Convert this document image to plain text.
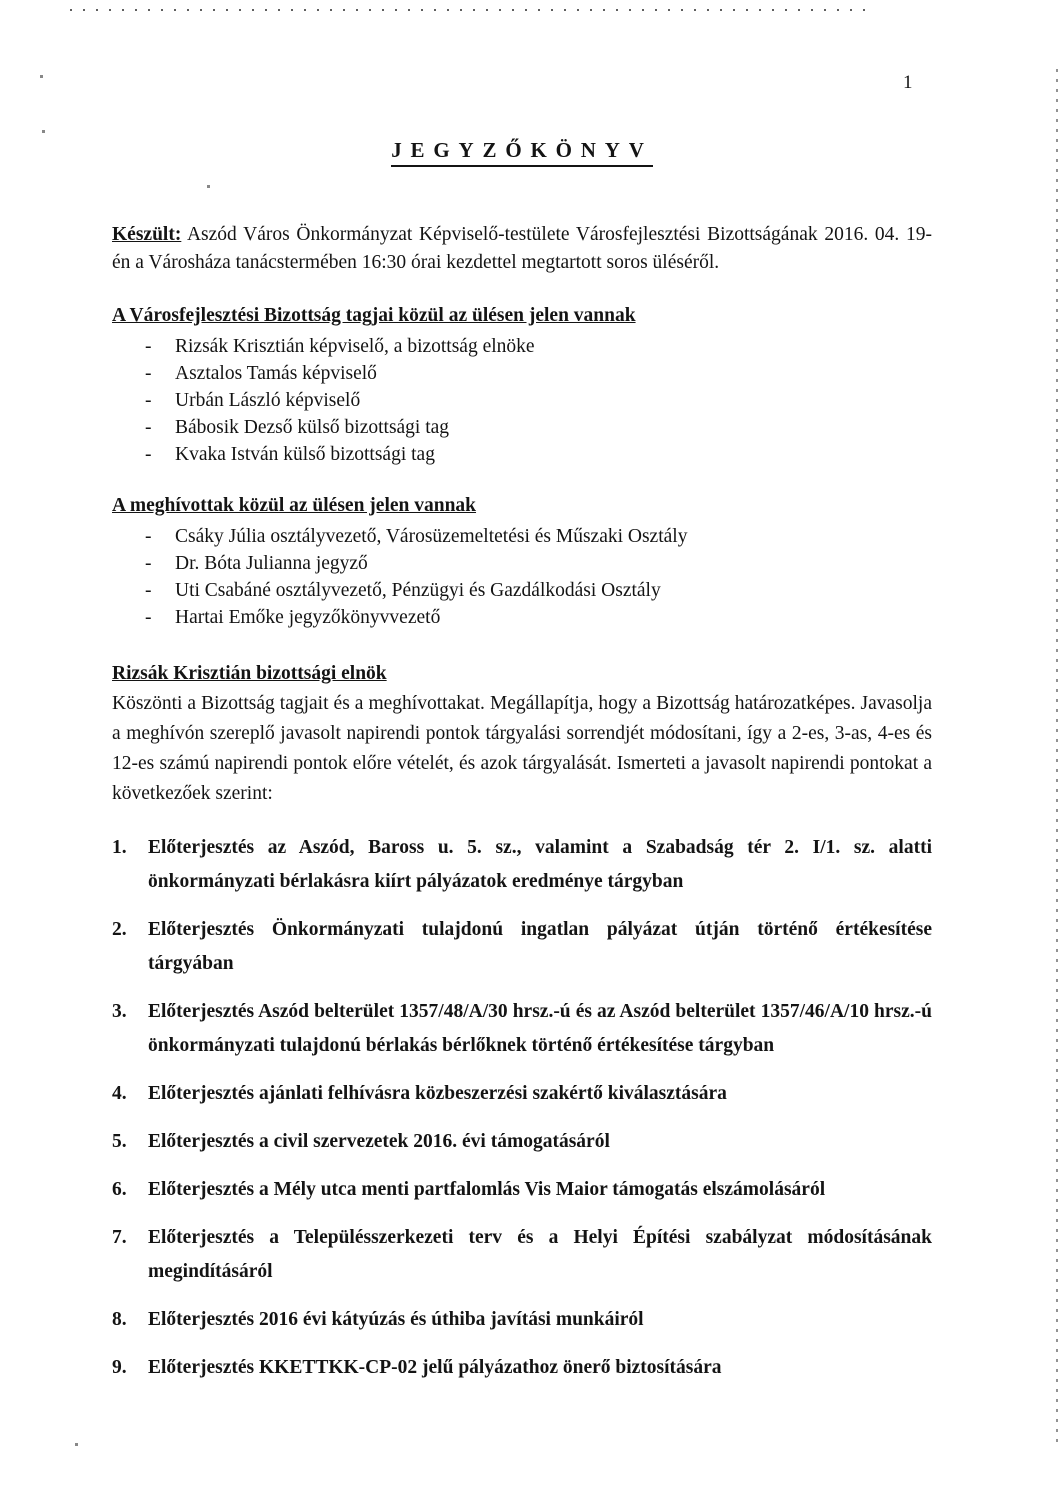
1
JEGYZŐKÖNYV

Készült: Aszód Város Önkormányzat Képviselő-testülete Városfejlesztési Bizottságának 2016. 04. 19-én a Városháza tanácstermében 16:30 órai kezdettel megtartott soros üléséről.

A Városfejlesztési Bizottság tagjai közül az ülésen jelen vannak
- Rizsák Krisztián képviselő, a bizottság elnöke
- Asztalos Tamás képviselő
- Urbán László képviselő
- Bábosik Dezső külső bizottsági tag
- Kvaka István külső bizottsági tag
A meghívottak közül az ülésen jelen vannak
- Csáky Júlia osztályvezető, Városüzemeltetési és Műszaki Osztály
- Dr. Bóta Julianna jegyző
- Uti Csabáné osztályvezető, Pénzügyi és Gazdálkodási Osztály
- Hartai Emőke jegyzőkönyvvezető
Rizsák Krisztián bizottsági elnök

Köszönti a Bizottság tagjait és a meghívottakat. Megállapítja, hogy a Bizottság határozatképes. Javasolja a meghívón szereplő javasolt napirendi pontok tárgyalási sorrendjét módosítani, így a 2-es, 3-as, 4-es és 12-es számú napirendi pontok előre vételét, és azok tárgyalását. Ismerteti a javasolt napirendi pontokat a következőek szerint:

1. Előterjesztés az Aszód, Baross u. 5. sz., valamint a Szabadság tér 2. I/1. sz. alatti önkormányzati bérlakásra kiírt pályázatok eredménye tárgyban
2. Előterjesztés Önkormányzati tulajdonú ingatlan pályázat útján történő értékesítése tárgyában
3. Előterjesztés Aszód belterület 1357/48/A/30 hrsz.-ú és az Aszód belterület 1357/46/A/10 hrsz.-ú önkormányzati tulajdonú bérlakás bérlőknek történő értékesítése tárgyban
4. Előterjesztés ajánlati felhívásra közbeszerzési szakértő kiválasztására
5. Előterjesztés a civil szervezetek 2016. évi támogatásáról
6. Előterjesztés a Mély utca menti partfalomlás Vis Maior támogatás elszámolásáról
7. Előterjesztés a Településszerkezeti terv és a Helyi Építési szabályzat módosításának megindításáról
8. Előterjesztés 2016 évi kátyúzás és úthiba javítási munkáiról
9. Előterjesztés KKETTKK-CP-02 jelű pályázathoz önerő biztosítására
